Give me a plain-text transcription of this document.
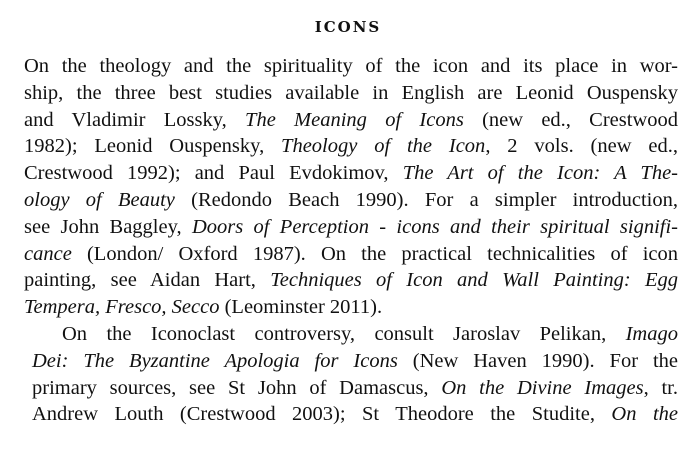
ICONS
On the theology and the spirituality of the icon and its place in wor-
ship, the three best studies available in English are Leonid Ouspensky
and Vladimir Lossky, The Meaning of Icons (new ed., Crestwood
1982); Leonid Ouspensky, Theology of the Icon, 2 vols. (new ed.,
Crestwood 1992); and Paul Evdokimov, The Art of the Icon: A The-
ology of Beauty (Redondo Beach 1990). For a simpler introduction,
see John Baggley, Doors of Perception - icons and their spiritual signifi-
cance (London/ Oxford 1987). On the practical technicalities of icon
painting, see Aidan Hart, Techniques of Icon and Wall Painting: Egg
Tempera, Fresco, Secco (Leominster 2011).
On the Iconoclast controversy, consult Jaroslav Pelikan, Imago
Dei: The Byzantine Apologia for Icons (New Haven 1990). For the
primary sources, see St John of Damascus, On the Divine Images, tr.
Andrew Louth (Crestwood 2003); St Theodore the Studite, On the
